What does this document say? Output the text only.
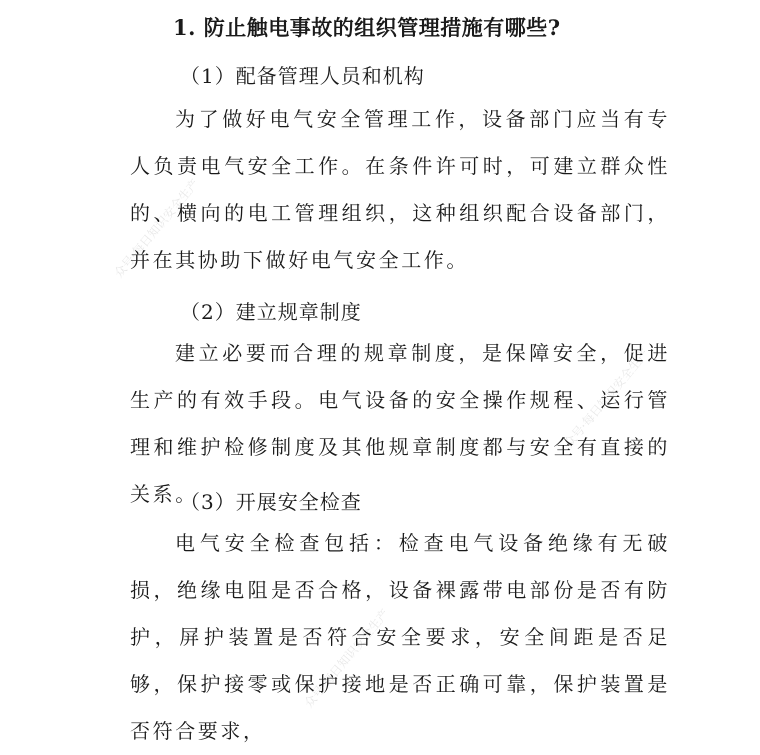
众号·每日知识安全生产
众号·每日知识安全生产
众号·每日知识安全生产
1. 防止触电事故的组织管理措施有哪些?
（1）配备管理人员和机构

为了做好电气安全管理工作，设备部门应当有专人负责电气安全工作。在条件许可时，可建立群众性的、横向的电工管理组织，这种组织配合设备部门，并在其协助下做好电气安全工作。

（2）建立规章制度

建立必要而合理的规章制度，是保障安全，促进生产的有效手段。电气设备的安全操作规程、运行管理和维护检修制度及其他规章制度都与安全有直接的关系。

（3）开展安全检查

电气安全检查包括：检查电气设备绝缘有无破损，绝缘电阻是否合格，设备裸露带电部份是否有防护，屏护装置是否符合安全要求，安全间距是否足够，保护接零或保护接地是否正确可靠，保护装置是否符合要求，
